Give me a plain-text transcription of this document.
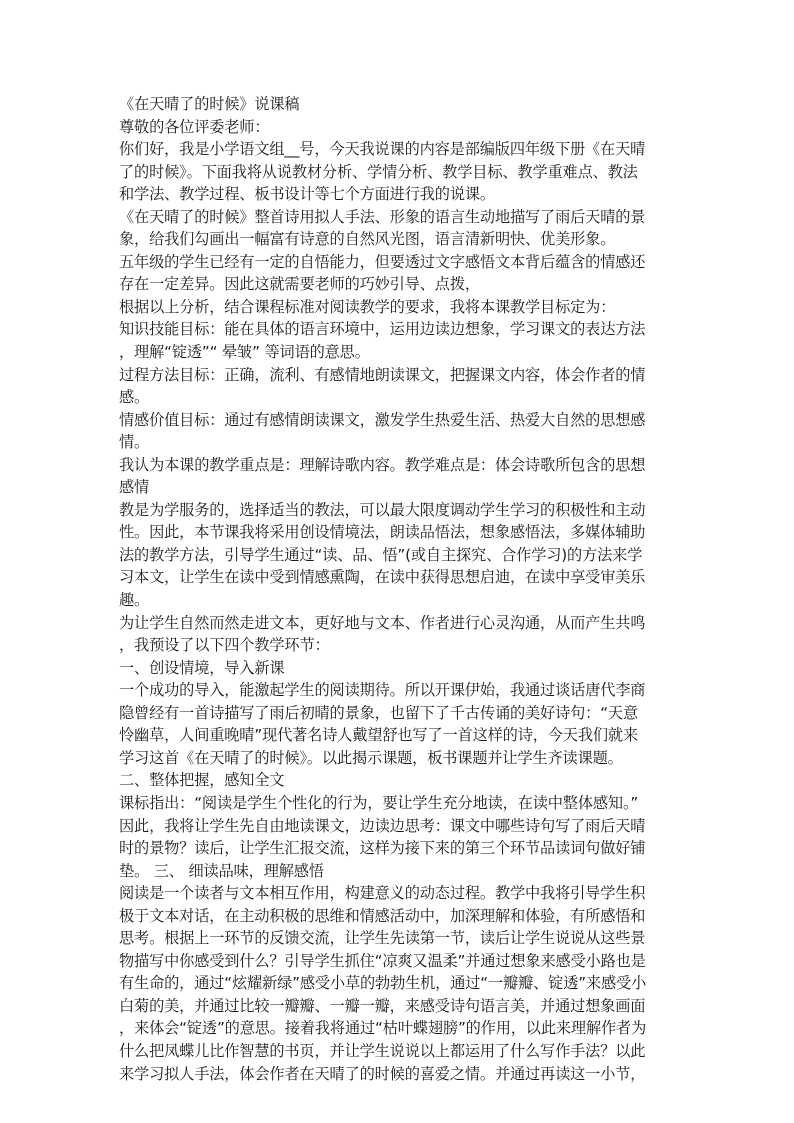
《在天晴了的时候》说课稿
尊敬的各位评委老师：
你们好，我是小学语文组__号，今天我说课的内容是部编版四年级下册《在天晴
了的时候》。下面我将从说教材分析、学情分析、教学目标、教学重难点、教法
和学法、教学过程、板书设计等七个方面进行我的说课。
《在天晴了的时候》整首诗用拟人手法、形象的语言生动地描写了雨后天晴的景
象，给我们勾画出一幅富有诗意的自然风光图，语言清新明快、优美形象。
五年级的学生已经有一定的自悟能力，但要透过文字感悟文本背后蕴含的情感还
存在一定差异。因此这就需要老师的巧妙引导、点拨，
根据以上分析，结合课程标准对阅读教学的要求，我将本课教学目标定为：
知识技能目标：能在具体的语言环境中，运用边读边想象，学习课文的表达方法
，理解“锭透”“ 晕皱” 等词语的意思。
过程方法目标：正确，流利、有感情地朗读课文，把握课文内容，体会作者的情
感。
情感价值目标：通过有感情朗读课文，激发学生热爱生活、热爱大自然的思想感
情。
我认为本课的教学重点是：理解诗歌内容。教学难点是：体会诗歌所包含的思想
感情
教是为学服务的，选择适当的教法，可以最大限度调动学生学习的积极性和主动
性。因此，本节课我将采用创设情境法，朗读品悟法，想象感悟法，多媒体辅助
法的教学方法，引导学生通过“读、品、悟”(或自主探究、合作学习)的方法来学
习本文，让学生在读中受到情感熏陶，在读中获得思想启迪，在读中享受审美乐
趣。
为让学生自然而然走进文本，更好地与文本、作者进行心灵沟通，从而产生共鸣
，我预设了以下四个教学环节：
一、创设情境，导入新课
一个成功的导入，能激起学生的阅读期待。所以开课伊始，我通过谈话唐代李商
隐曾经有一首诗描写了雨后初晴的景象，也留下了千古传诵的美好诗句：“天意
怜幽草，人间重晚晴”现代著名诗人戴望舒也写了一首这样的诗，今天我们就来
学习这首《在天晴了的时候》。以此揭示课题，板书课题并让学生齐读课题。
二、整体把握，感知全文
课标指出：“阅读是学生个性化的行为，要让学生充分地读，在读中整体感知。”
因此，我将让学生先自由地读课文，边读边思考：课文中哪些诗句写了雨后天晴
时的景物？读后，让学生汇报交流，这样为接下来的第三个环节品读词句做好铺
垫。 三、 细读品味，理解感悟
阅读是一个读者与文本相互作用，构建意义的动态过程。教学中我将引导学生积
极于文本对话，在主动积极的思维和情感活动中，加深理解和体验，有所感悟和
思考。根据上一环节的反馈交流，让学生先读第一节，读后让学生说说从这些景
物描写中你感受到什么？引导学生抓住“凉爽又温柔”并通过想象来感受小路也是
有生命的，通过“炫耀新绿”感受小草的勃勃生机，通过“一瓣瓣、锭透”来感受小
白菊的美，并通过比较一瓣瓣、一瓣一瓣，来感受诗句语言美，并通过想象画面
，来体会“锭透”的意思。接着我将通过“枯叶蝶翅膀”的作用，以此来理解作者为
什么把凤蝶儿比作智慧的书页，并让学生说说以上都运用了什么写作手法？以此
来学习拟人手法，体会作者在天晴了的时候的喜爱之情。并通过再读这一小节，
